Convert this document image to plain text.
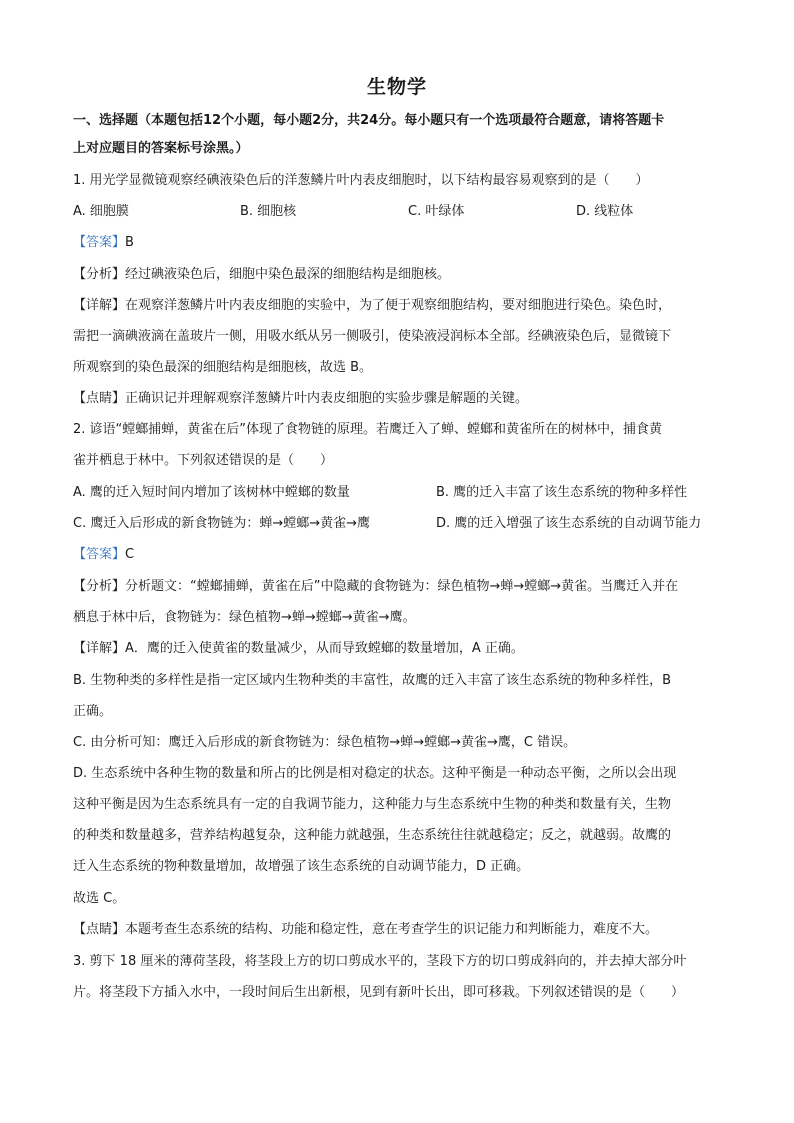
生物学
一、选择题（本题包括12个小题，每小题2分，共24分。每小题只有一个选项最符合题意，请将答题卡
上对应题目的答案标号涂黑。）
1. 用光学显微镜观察经碘液染色后的洋葱鳞片叶内表皮细胞时，以下结构最容易观察到的是（　　）
A. 细胞膜	B. 细胞核	C. 叶绿体	D. 线粒体
【答案】B
【分析】经过碘液染色后，细胞中染色最深的细胞结构是细胞核。
【详解】在观察洋葱鳞片叶内表皮细胞的实验中，为了便于观察细胞结构，要对细胞进行染色。染色时，
需把一滴碘液滴在盖玻片一侧，用吸水纸从另一侧吸引，使染液浸润标本全部。经碘液染色后，显微镜下
所观察到的染色最深的细胞结构是细胞核，故选 B。
【点睛】正确识记并理解观察洋葱鳞片叶内表皮细胞的实验步骤是解题的关键。
2. 谚语“螳螂捕蝉，黄雀在后”体现了食物链的原理。若鹰迁入了蝉、螳螂和黄雀所在的树林中，捕食黄
雀并栖息于林中。下列叙述错误的是（　　）
A. 鹰的迁入短时间内增加了该树林中螳螂的数量	B. 鹰的迁入丰富了该生态系统的物种多样性
C. 鹰迁入后形成的新食物链为：蝉→螳螂→黄雀→鹰	D. 鹰的迁入增强了该生态系统的自动调节能力
【答案】C
【分析】分析题文：“螳螂捕蝉，黄雀在后”中隐藏的食物链为：绿色植物→蝉→螳螂→黄雀。当鹰迁入并在
栖息于林中后，食物链为：绿色植物→蝉→螳螂→黄雀→鹰。
【详解】A．鹰的迁入使黄雀的数量减少，从而导致螳螂的数量增加，A 正确。
B. 生物种类的多样性是指一定区域内生物种类的丰富性，故鹰的迁入丰富了该生态系统的物种多样性，B
正确。
C. 由分析可知：鹰迁入后形成的新食物链为：绿色植物→蝉→螳螂→黄雀→鹰，C 错误。
D. 生态系统中各种生物的数量和所占的比例是相对稳定的状态。这种平衡是一种动态平衡，之所以会出现
这种平衡是因为生态系统具有一定的自我调节能力，这种能力与生态系统中生物的种类和数量有关，生物
的种类和数量越多，营养结构越复杂，这种能力就越强，生态系统往往就越稳定；反之，就越弱。故鹰的
迁入生态系统的物种数量增加，故增强了该生态系统的自动调节能力，D 正确。
故选 C。
【点睛】本题考查生态系统的结构、功能和稳定性，意在考查学生的识记能力和判断能力，难度不大。
3. 剪下 18 厘米的薄荷茎段，将茎段上方的切口剪成水平的，茎段下方的切口剪成斜向的，并去掉大部分叶
片。将茎段下方插入水中，一段时间后生出新根，见到有新叶长出，即可移栽。下列叙述错误的是（　　）
